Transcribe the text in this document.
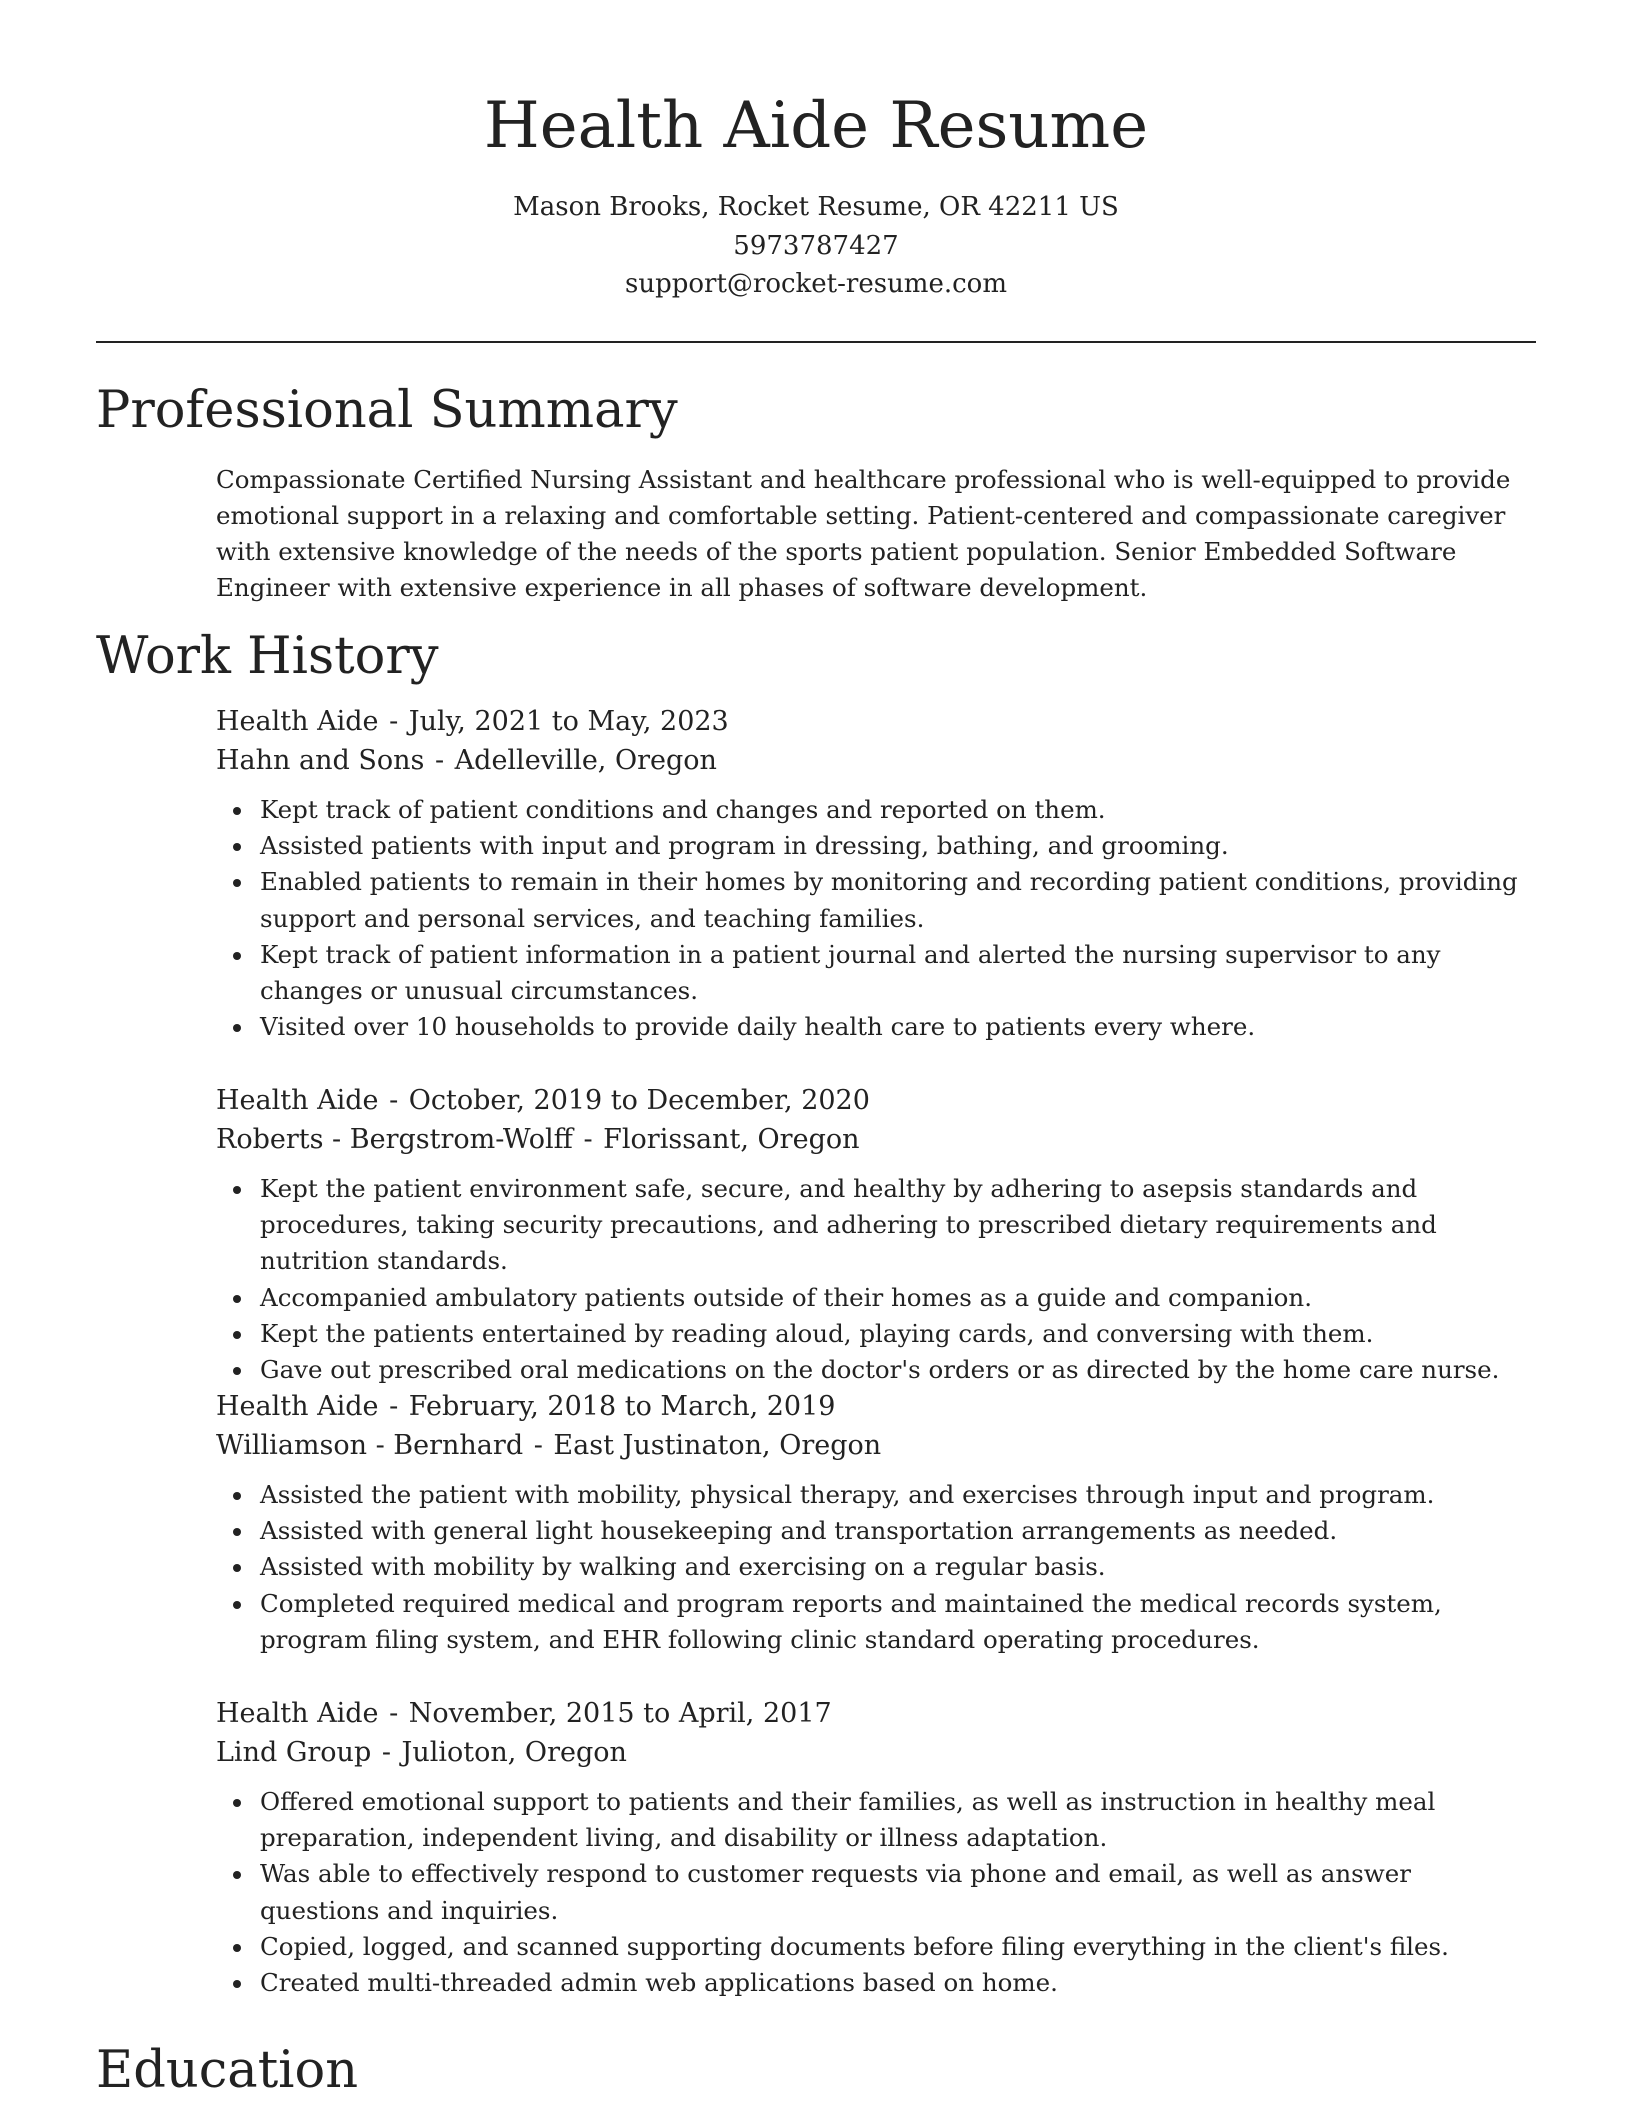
Health Aide Resume
Mason Brooks, Rocket Resume, OR 42211 US
5973787427
support@rocket-resume.com
Professional Summary

Compassionate Certified Nursing Assistant and healthcare professional who is well-equipped to provide emotional support in a relaxing and comfortable setting. Patient-centered and compassionate caregiver with extensive knowledge of the needs of the sports patient population. Senior Embedded Software Engineer with extensive experience in all phases of software development.

Work History
Health Aide - July, 2021 to May, 2023
Hahn and Sons - Adelleville, Oregon
Kept track of patient conditions and changes and reported on them.
Assisted patients with input and program in dressing, bathing, and grooming.
Enabled patients to remain in their homes by monitoring and recording patient conditions, providing support and personal services, and teaching families.
Kept track of patient information in a patient journal and alerted the nursing supervisor to any changes or unusual circumstances.
Visited over 10 households to provide daily health care to patients every where.
Health Aide - October, 2019 to December, 2020
Roberts - Bergstrom-Wolff - Florissant, Oregon
Kept the patient environment safe, secure, and healthy by adhering to asepsis standards and procedures, taking security precautions, and adhering to prescribed dietary requirements and nutrition standards.
Accompanied ambulatory patients outside of their homes as a guide and companion.
Kept the patients entertained by reading aloud, playing cards, and conversing with them.
Gave out prescribed oral medications on the doctor's orders or as directed by the home care nurse.
Health Aide - February, 2018 to March, 2019
Williamson - Bernhard - East Justinaton, Oregon
Assisted the patient with mobility, physical therapy, and exercises through input and program.
Assisted with general light housekeeping and transportation arrangements as needed.
Assisted with mobility by walking and exercising on a regular basis.
Completed required medical and program reports and maintained the medical records system, program filing system, and EHR following clinic standard operating procedures.
Health Aide - November, 2015 to April, 2017
Lind Group - Julioton, Oregon
Offered emotional support to patients and their families, as well as instruction in healthy meal preparation, independent living, and disability or illness adaptation.
Was able to effectively respond to customer requests via phone and email, as well as answer questions and inquiries.
Copied, logged, and scanned supporting documents before filing everything in the client's files.
Created multi-threaded admin web applications based on home.
Education
